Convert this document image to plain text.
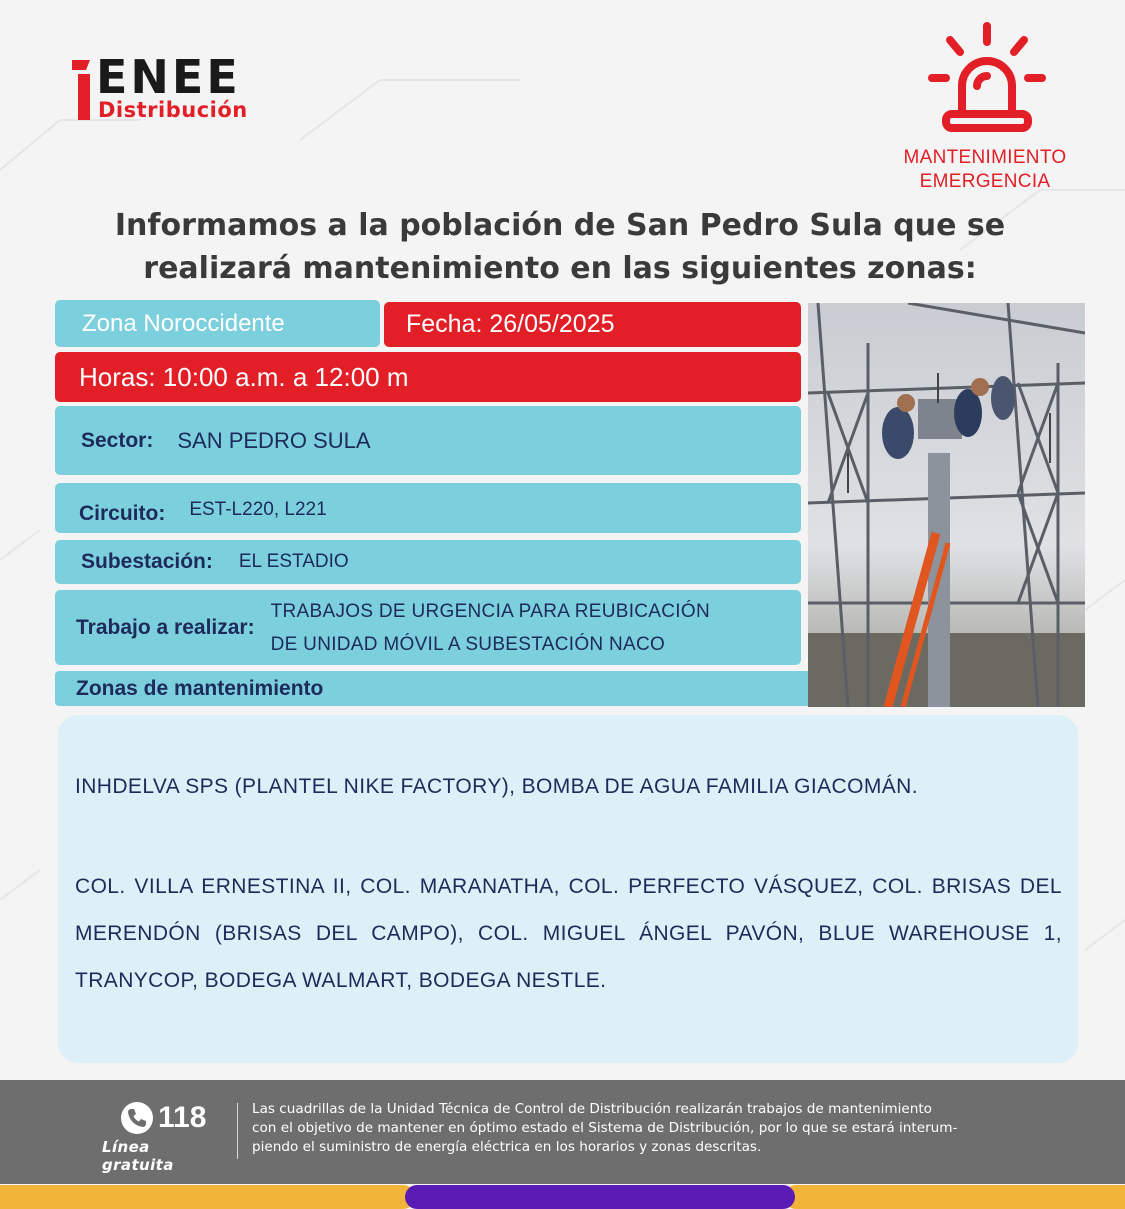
ENEE
Distribución
MANTENIMIENTO
EMERGENCIA
Informamos a la población de San Pedro Sula que se
realizará mantenimiento en las siguientes zonas:
Zona Noroccidente	Fecha: 26/05/2025
Horas: 10:00 a.m. a 12:00 m
Sector: SAN PEDRO SULA
Circuito: EST-L220, L221
Subestación: EL ESTADIO
Trabajo a realizar:
TRABAJOS DE URGENCIA PARA REUBICACIÓN
DE UNIDAD MÓVIL A SUBESTACIÓN NACO
Zonas de mantenimiento
INHDELVA SPS (PLANTEL NIKE FACTORY), BOMBA DE AGUA FAMILIA GIACOMÁN.
COL. VILLA ERNESTINA II, COL. MARANATHA, COL. PERFECTO VÁSQUEZ, COL. BRISAS DEL MERENDÓN (BRISAS DEL CAMPO), COL. MIGUEL ÁNGEL PAVÓN, BLUE WAREHOUSE 1, TRANYCOP, BODEGA WALMART, BODEGA NESTLE.
118
Línea gratuita
Las cuadrillas de la Unidad Técnica de Control de Distribución realizarán trabajos de mantenimiento
con el objetivo de mantener en óptimo estado el Sistema de Distribución, por lo que se estará interum-
piendo el suministro de energía eléctrica en los horarios y zonas descritas.
